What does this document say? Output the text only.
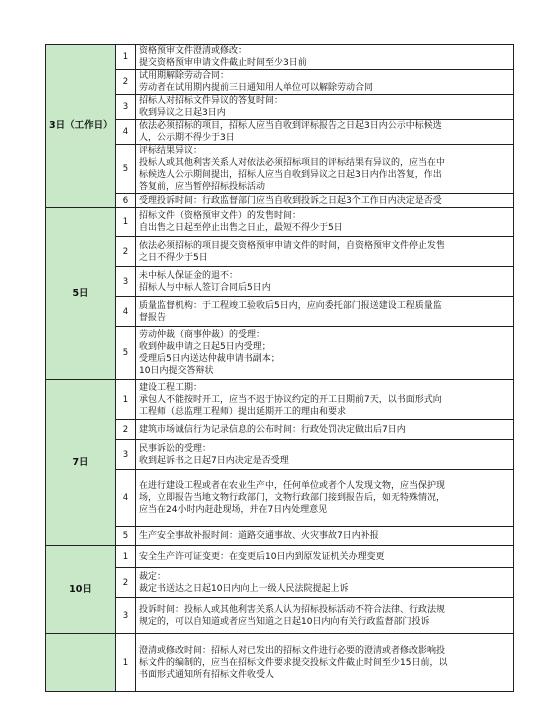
3日（工作日）	1	资格预审文件澄清或修改：
提交资格预审申请文件截止时间至少3日前

	2	试用期解除劳动合同：
劳动者在试用期内提前三日通知用人单位可以解除劳动合同

	3	招标人对招标文件异议的答复时间：
收到异议之日起3日内

	4	依法必须招标的项目，招标人应当自收到评标报告之日起3日内公示中标候选
人，公示期不得少于3日

	5	评标结果异议：
投标人或其他利害关系人对依法必须招标项目的评标结果有异议的，应当在中
标候选人公示期间提出，招标人应当自收到异议之日起3日内作出答复，作出
答复前，应当暂停招标投标活动

	6	受理投诉时间：行政监督部门应当自收到投诉之日起3个工作日内决定是否受

5日	1	招标文件（资格预审文件）的发售时间：
自出售之日起至停止出售之日止，最短不得少于5日

	2	依法必须招标的项目提交资格预审申请文件的时间，自资格预审文件停止发售
之日不得少于5日

	3	未中标人保证金的退不：
招标人与中标人签订合同后5日内

	4	质量监督机构：于工程竣工验收后5日内，应向委托部门报送建设工程质量监
督报告

	5	劳动仲裁（商事仲裁）的受理：
收到仲裁申请之日起5日内受理；
受理后5日内送达仲裁申请书副本；
10日内提交答辩状

7日	1	建设工程工期：
承包人不能按时开工，应当不迟于协议约定的开工日期前7天，以书面形式向
工程师（总监理工程师）提出延期开工的理由和要求

	2	建筑市场诚信行为记录信息的公布时间：行政处罚决定做出后7日内

	3	民事诉讼的受理：
收到起诉书之日起7日内决定是否受理

	4	在进行建设工程或者在农业生产中，任何单位或者个人发现文物，应当保护现
场，立即报告当地文物行政部门，文物行政部门接到报告后，如无特殊情况，
应当在24小时内赶赴现场，并在7日内处理意见

	5	生产安全事故补报时间：道路交通事故、火灾事故7日内补报

10日	1	安全生产许可证变更：在变更后10日内到原发证机关办理变更

	2	裁定：
裁定书送达之日起10日内向上一级人民法院提起上诉

	3	投诉时间：投标人或其他利害关系人认为招标投标活动不符合法律、行政法规
规定的，可以自知道或者应当知道之日起10日内向有关行政监督部门投诉

	1	澄清或修改时间：招标人对已发出的招标文件进行必要的澄清或者修改影响投
标文件的编制的，应当在招标文件要求提交投标文件截止时间至少15日前，以
书面形式通知所有招标文件收受人
